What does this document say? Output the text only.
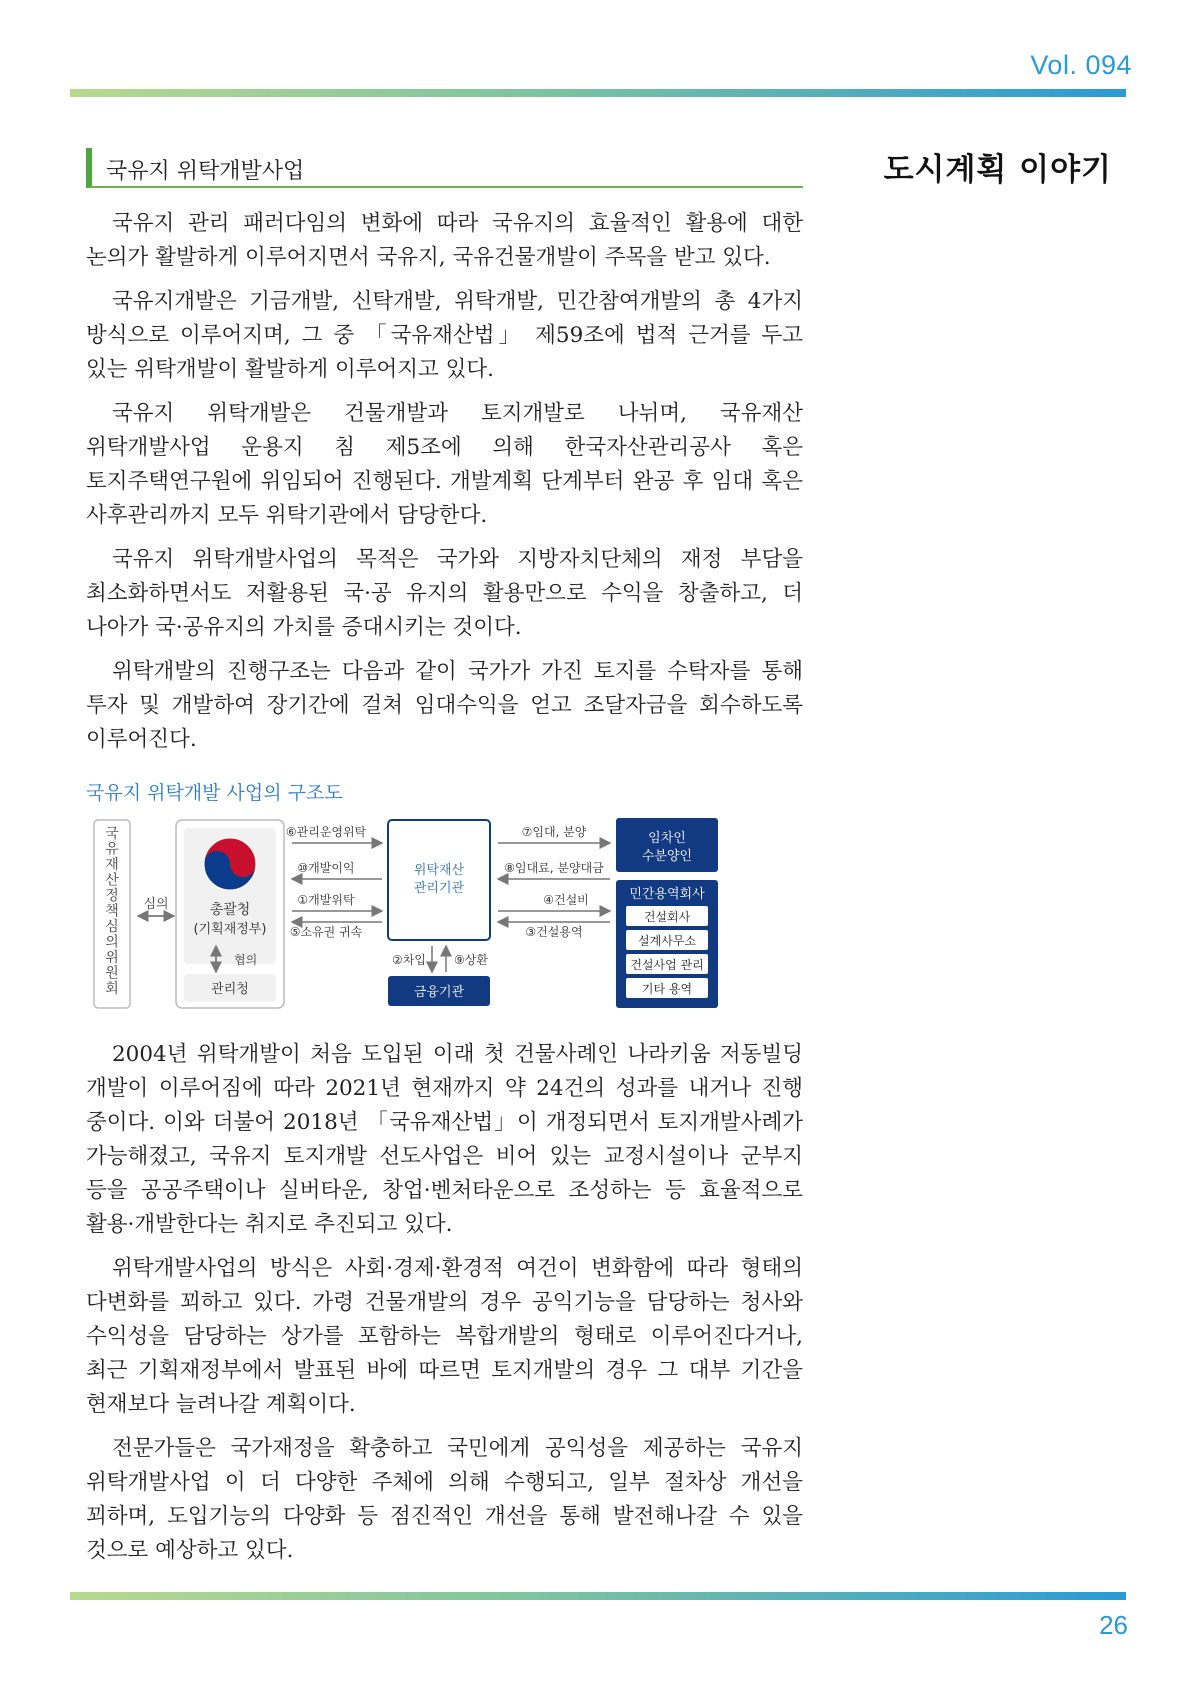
Vol. 094
국유지 위탁개발사업	도시계획 이야기

국유지 관리 패러다임의 변화에 따라 국유지의 효율적인 활용에 대한 논의가 활발하게 이루어지면서 국유지, 국유건물개발이 주목을 받고 있다.

국유지개발은 기금개발, 신탁개발, 위탁개발, 민간참여개발의 총 4가지 방식으로 이루어지며, 그 중 「국유재산법」 제59조에 법적 근거를 두고 있는 위탁개발이 활발하게 이루어지고 있다.

국유지 위탁개발은 건물개발과 토지개발로 나뉘며, 국유재산 위탁개발사업 운용지 침 제5조에 의해 한국자산관리공사 혹은 토지주택연구원에 위임되어 진행된다. 개발계획 단계부터 완공 후 임대 혹은 사후관리까지 모두 위탁기관에서 담당한다.

국유지 위탁개발사업의 목적은 국가와 지방자치단체의 재정 부담을 최소화하면서도 저활용된 국·공 유지의 활용만으로 수익을 창출하고, 더 나아가 국·공유지의 가치를 증대시키는 것이다.

위탁개발의 진행구조는 다음과 같이 국가가 가진 토지를 수탁자를 통해 투자 및 개발하여 장기간에 걸쳐 임대수익을 얻고 조달자금을 회수하도록 이루어진다.

국유지 위탁개발 사업의 구조도
국 유 재 산 정 책 심 의 위 원 회
심의	총괄청
(기획재정부)
협의
관리청
⑥관리운영위탁
⑩개발이익
①개발위탁
⑤소유권 귀속
위탁재산
관리기관
②차입 ⑨상환
금융기관
⑦임대, 분양
⑧임대료, 분양대금
④건설비
③건설용역
임차인
수분양인
민간용역회사
건설회사
설계사무소
건설사업 관리
기타 용역

2004년 위탁개발이 처음 도입된 이래 첫 건물사례인 나라키움 저동빌딩 개발이 이루어짐에 따라 2021년 현재까지 약 24건의 성과를 내거나 진행 중이다. 이와 더불어 2018년 「국유재산법」이 개정되면서 토지개발사례가 가능해졌고, 국유지 토지개발 선도사업은 비어 있는 교정시설이나 군부지 등을 공공주택이나 실버타운, 창업·벤처타운으로 조성하는 등 효율적으로 활용·개발한다는 취지로 추진되고 있다.

위탁개발사업의 방식은 사회·경제·환경적 여건이 변화함에 따라 형태의 다변화를 꾀하고 있다. 가령 건물개발의 경우 공익기능을 담당하는 청사와 수익성을 담당하는 상가를 포함하는 복합개발의 형태로 이루어진다거나, 최근 기획재정부에서 발표된 바에 따르면 토지개발의 경우 그 대부 기간을 현재보다 늘려나갈 계획이다.

전문가들은 국가재정을 확충하고 국민에게 공익성을 제공하는 국유지 위탁개발사업 이 더 다양한 주체에 의해 수행되고, 일부 절차상 개선을 꾀하며, 도입기능의 다양화 등 점진적인 개선을 통해 발전해나갈 수 있을 것으로 예상하고 있다.

26
